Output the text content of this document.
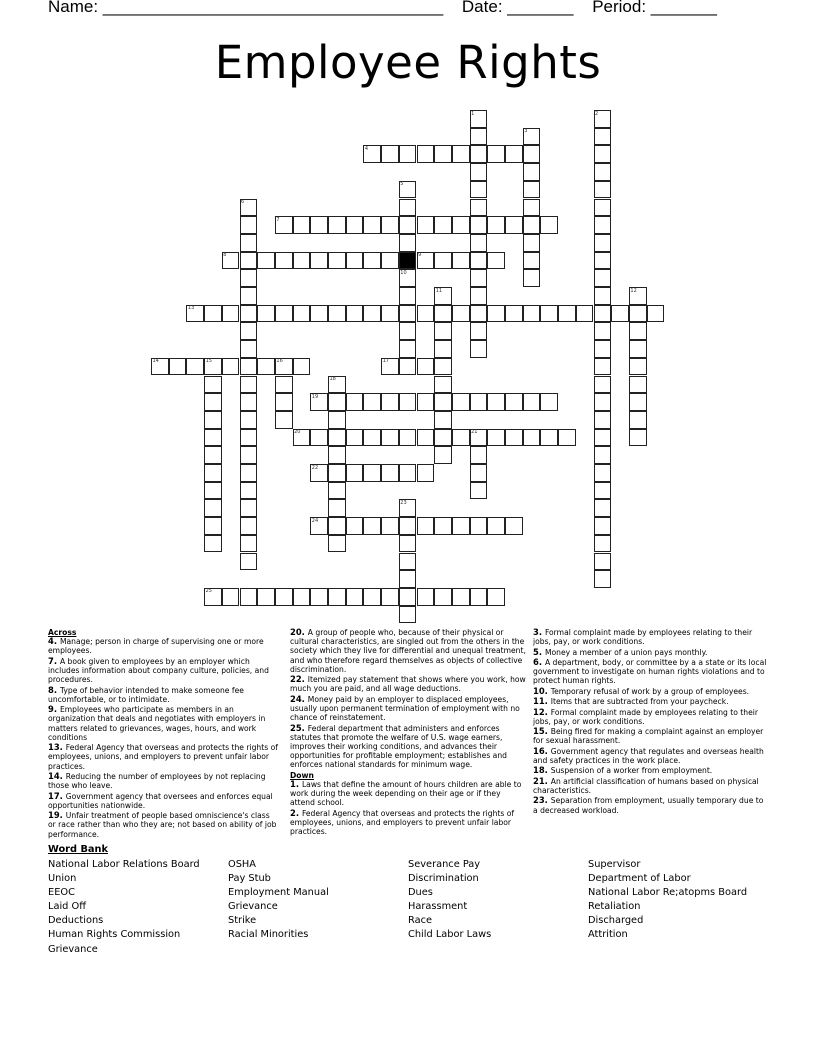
Name: ____________________________________ Date: _______ Period: _______
Employee Rights
1	2
3
4
5
6
7
8	9
10
11	12
13
14	15	16	17
18
19
20	21
22
23
24
25
Across
4. Manage; person in charge of supervising one or more employees.
7. A book given to employees by an employer which includes information about company culture, policies, and procedures.
8. Type of behavior intended to make someone fee uncomfortable, or to intimidate.
9. Employees who participate as members in an organization that deals and negotiates with employers in matters related to grievances, wages, hours, and work conditions
13. Federal Agency that overseas and protects the rights of employees, unions, and employers to prevent unfair labor practices.
14. Reducing the number of employees by not replacing those who leave.
17. Government agency that oversees and enforces equal opportunities nationwide.
19. Unfair treatment of people based omniscience's class or race rather than who they are; not based on ability of job performance.
20. A group of people who, because of their physical or cultural characteristics, are singled out from the others in the society which they live for differential and unequal treatment, and who therefore regard themselves as objects of collective discrimination.
22. Itemized pay statement that shows where you work, how much you are paid, and all wage deductions.
24. Money paid by an employer to displaced employees, usually upon permanent termination of employment with no chance of reinstatement.
25. Federal department that administers and enforces statutes that promote the welfare of U.S. wage earners, improves their working conditions, and advances their opportunities for profitable employment; establishes and enforces national standards for minimum wage.
Down
1. Laws that define the amount of hours children are able to work during the week depending on their age or if they attend school.
2. Federal Agency that overseas and protects the rights of employees, unions, and employers to prevent unfair labor practices.
3. Formal complaint made by employees relating to their jobs, pay, or work conditions.
5. Money a member of a union pays monthly.
6. A department, body, or committee by a a state or its local government to investigate on human rights violations and to protect human rights.
10. Temporary refusal of work by a group of employees.
11. Items that are subtracted from your paycheck.
12. Formal complaint made by employees relating to their jobs, pay, or work conditions.
15. Being fired for making a complaint against an employer for sexual harassment.
16. Government agency that regulates and overseas health and safety practices in the work place.
18. Suspension of a worker from employment.
21. An artificial classification of humans based on physical characteristics.
23. Separation from employment, usually temporary due to a decreased workload.
Word Bank
National Labor Relations Board
Union
EEOC
Laid Off
Deductions
Human Rights Commission
Grievance
OSHA
Pay Stub
Employment Manual
Grievance
Strike
Racial Minorities
Severance Pay
Discrimination
Dues
Harassment
Race
Child Labor Laws
Supervisor
Department of Labor
National Labor Re;atopms Board
Retaliation
Discharged
Attrition
